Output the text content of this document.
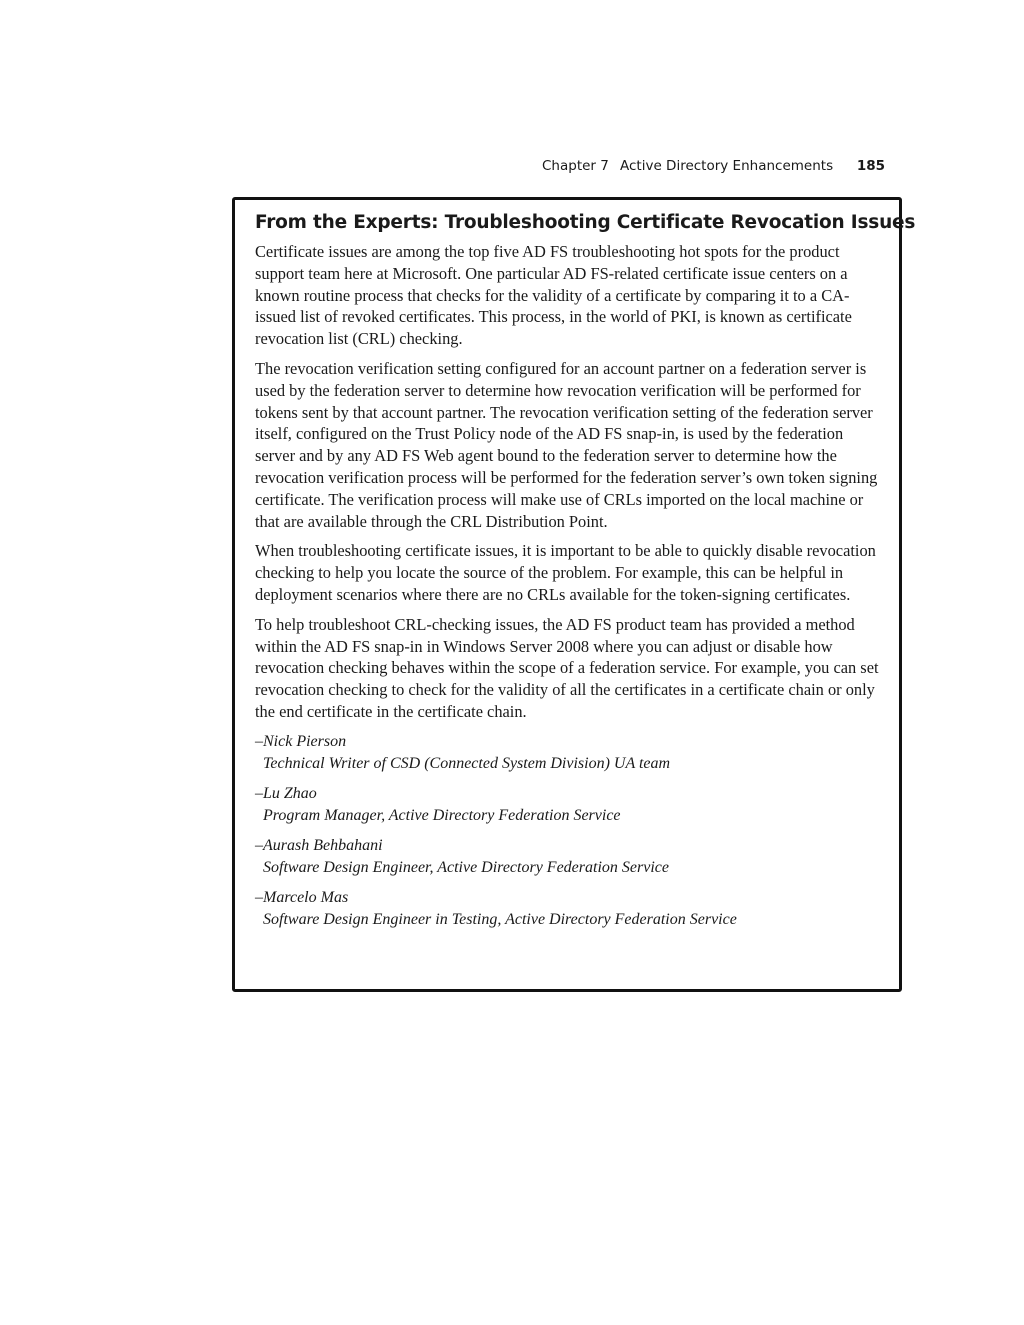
Chapter 7 Active Directory Enhancements 185
From the Experts: Troubleshooting Certificate Revocation Issues

Certificate issues are among the top five AD FS troubleshooting hot spots for the product support team here at Microsoft. One particular AD FS-related certificate issue centers on a known routine process that checks for the validity of a certificate by comparing it to a CA-issued list of revoked certificates. This process, in the world of PKI, is known as certificate revocation list (CRL) checking.

The revocation verification setting configured for an account partner on a federation server is used by the federation server to determine how revocation verification will be performed for tokens sent by that account partner. The revocation verification setting of the federation server itself, configured on the Trust Policy node of the AD FS snap-in, is used by the federation server and by any AD FS Web agent bound to the federation server to determine how the revocation verification process will be performed for the federation server’s own token signing certificate. The verification process will make use of CRLs imported on the local machine or that are available through the CRL Distribution Point.

When troubleshooting certificate issues, it is important to be able to quickly disable revocation checking to help you locate the source of the problem. For example, this can be helpful in deployment scenarios where there are no CRLs available for the token-signing certificates.

To help troubleshoot CRL-checking issues, the AD FS product team has provided a method within the AD FS snap-in in Windows Server 2008 where you can adjust or disable how revocation checking behaves within the scope of a federation service. For example, you can set revocation checking to check for the validity of all the certificates in a certificate chain or only the end certificate in the certificate chain.

–Nick Pierson
Technical Writer of CSD (Connected System Division) UA team
–Lu Zhao
Program Manager, Active Directory Federation Service
–Aurash Behbahani
Software Design Engineer, Active Directory Federation Service
–Marcelo Mas
Software Design Engineer in Testing, Active Directory Federation Service
